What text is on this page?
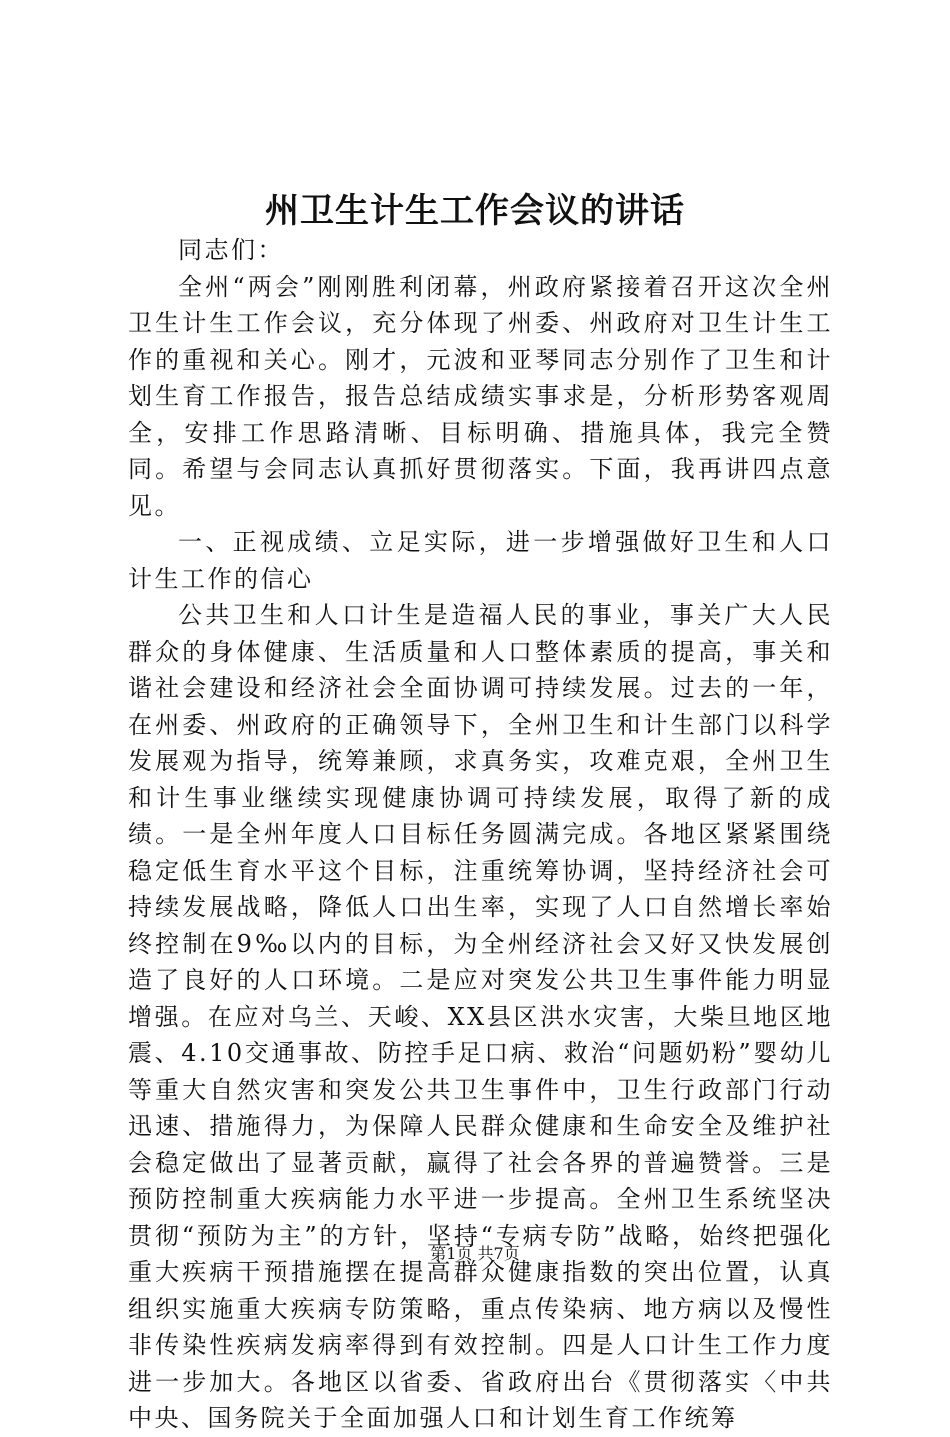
州卫生计生工作会议的讲话

同志们：

全州“两会”刚刚胜利闭幕，州政府紧接着召开这次全州卫生计生工作会议，充分体现了州委、州政府对卫生计生工作的重视和关心。刚才，元波和亚琴同志分别作了卫生和计划生育工作报告，报告总结成绩实事求是，分析形势客观周全，安排工作思路清晰、目标明确、措施具体，我完全赞同。希望与会同志认真抓好贯彻落实。下面，我再讲四点意见。

一、正视成绩、立足实际，进一步增强做好卫生和人口计生工作的信心

公共卫生和人口计生是造福人民的事业，事关广大人民群众的身体健康、生活质量和人口整体素质的提高，事关和谐社会建设和经济社会全面协调可持续发展。过去的一年，在州委、州政府的正确领导下，全州卫生和计生部门以科学发展观为指导，统筹兼顾，求真务实，攻难克艰，全州卫生和计生事业继续实现健康协调可持续发展，取得了新的成绩。一是全州年度人口目标任务圆满完成。各地区紧紧围绕稳定低生育水平这个目标，注重统筹协调，坚持经济社会可持续发展战略，降低人口出生率，实现了人口自然增长率始终控制在9‰以内的目标，为全州经济社会又好又快发展创造了良好的人口环境。二是应对突发公共卫生事件能力明显增强。在应对乌兰、天峻、XX县区洪水灾害，大柴旦地区地震、4.10交通事故、防控手足口病、救治“问题奶粉”婴幼儿等重大自然灾害和突发公共卫生事件中，卫生行政部门行动迅速、措施得力，为保障人民群众健康和生命安全及维护社会稳定做出了显著贡献，赢得了社会各界的普遍赞誉。三是预防控制重大疾病能力水平进一步提高。全州卫生系统坚决贯彻“预防为主”的方针，坚持“专病专防”战略，始终把强化重大疾病干预措施摆在提高群众健康指数的突出位置，认真组织实施重大疾病专防策略，重点传染病、地方病以及慢性非传染性疾病发病率得到有效控制。四是人口计生工作力度进一步加大。各地区以省委、省政府出台《贯彻落实〈中共中央、国务院关于全面加强人口和计划生育工作统筹

第1页 共7页
